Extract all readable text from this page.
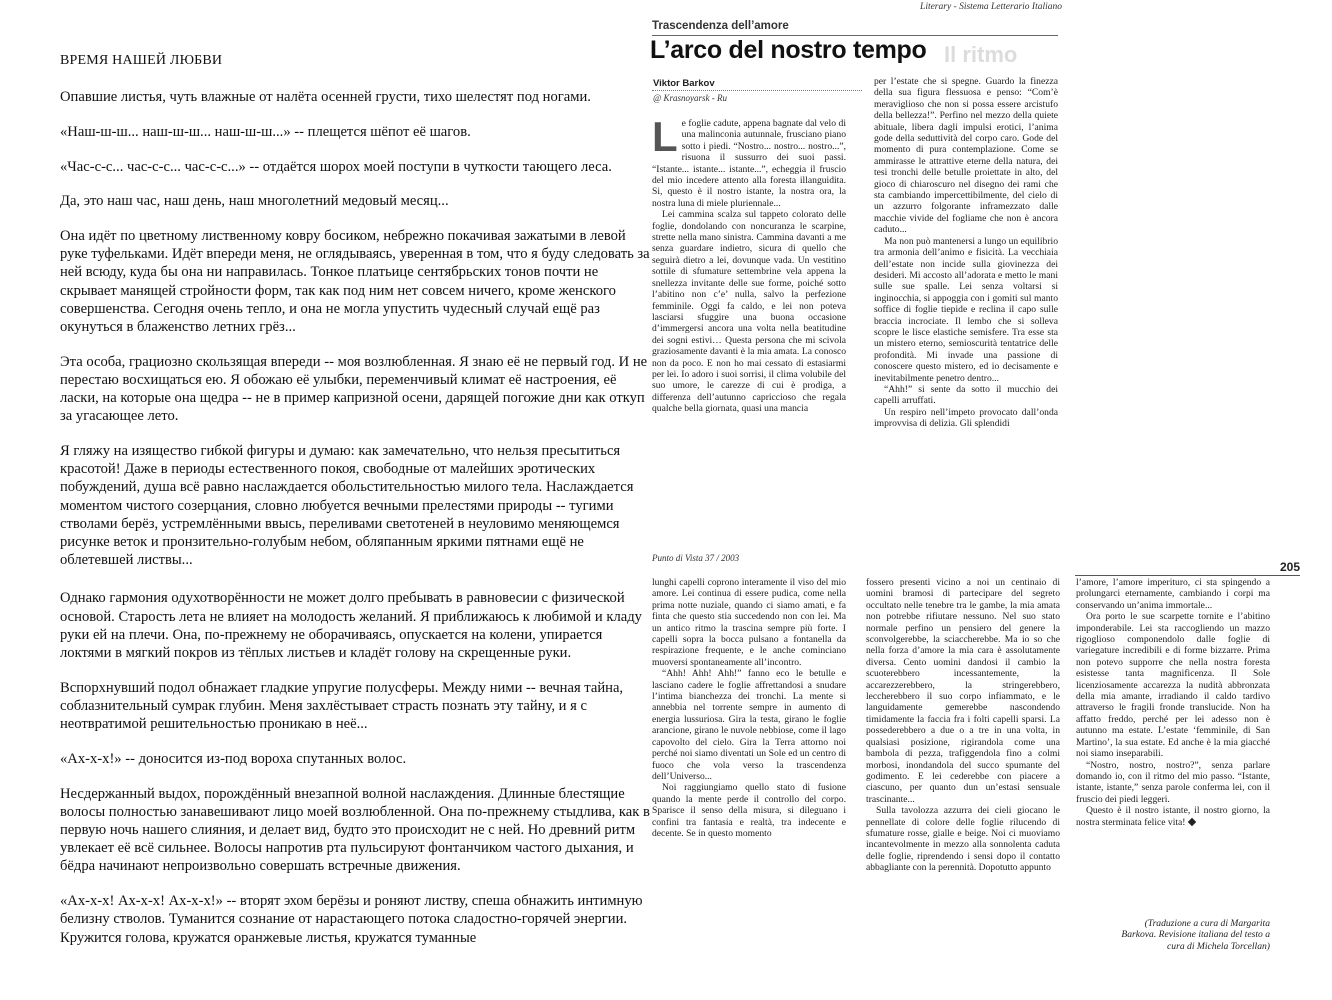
ВРЕМЯ НАШЕЙ ЛЮБВИ

Опавшие листья, чуть влажные от налёта осенней грусти, тихо шелестят под ногами.

«Наш-ш-ш... наш-ш-ш... наш-ш-ш...» -- плещется шёпот её шагов.

«Час-с-с... час-с-с... час-с-с...» -- отдаётся шорох моей поступи в чуткости тающего леса.

Да, это наш час, наш день, наш многолетний медовый месяц...

Она идёт по цветному лиственному ковру босиком, небрежно покачивая зажатыми в левой руке туфельками. Идёт впереди меня, не оглядываясь, уверенная в том, что я буду следовать за ней всюду, куда бы она ни направилась. Тонкое платьице сентябрьских тонов почти не скрывает манящей стройности форм, так как под ним нет совсем ничего, кроме женского совершенства. Сегодня очень тепло, и она не могла упустить чудесный случай ещё раз окунуться в блаженство летних грёз...

Эта особа, грациозно скользящая впереди -- моя возлюбленная. Я знаю её не первый год. И не перестаю восхищаться ею. Я обожаю её улыбки, переменчивый климат её настроения, её ласки, на которые она щедра -- не в пример капризной осени, дарящей погожие дни как откуп за угасающее лето.

Я гляжу на изящество гибкой фигуры и думаю: как замечательно, что нельзя пресытиться красотой! Даже в периоды естественного покоя, свободные от малейших эротических побуждений, душа всё равно наслаждается обольстительностью милого тела. Наслаждается моментом чистого созерцания, словно любуется вечными прелестями природы -- тугими стволами берёз, устремлёнными ввысь, переливами светотеней в неуловимо меняющемся рисунке веток и пронзительно-голубым небом, обляпанным яркими пятнами ещё не облетевшей листвы...

Однако гармония одухотворённости не может долго пребывать в равновесии с физической основой. Старость лета не влияет на молодость желаний. Я приближаюсь к любимой и кладу руки ей на плечи. Она, по-прежнему не оборачиваясь, опускается на колени, упирается локтями в мягкий покров из тёплых листьев и кладёт голову на скрещенные руки.

Вспорхнувший подол обнажает гладкие упругие полусферы. Между ними -- вечная тайна, соблазнительный сумрак глубин. Меня захлёстывает страсть познать эту тайну, и я с неотвратимой решительностью проникаю в неё...

«Ах-х-х!» -- доносится из-под вороха спутанных волос.

Несдержанный выдох, порождённый внезапной волной наслаждения. Длинные блестящие волосы полностью занавешивают лицо моей возлюбленной. Она по-прежнему стыдлива, как в первую ночь нашего слияния, и делает вид, будто это происходит не с ней. Но древний ритм увлекает её всё сильнее. Волосы напротив рта пульсируют фонтанчиком частого дыхания, и бёдра начинают непроизвольно совершать встречные движения.

«Ах-х-х! Ах-х-х! Ах-х-х!» -- вторят эхом берёзы и роняют листву, спеша обнажить интимную белизну стволов. Туманится сознание от нарастающего потока сладостно-горячей энергии. Кружится голова, кружатся оранжевые листья, кружатся туманные

Literary - Sistema Letterario Italiano
Trascendenza dell’amore
L’arco del nostro tempo Il ritmo
Viktor Barkov
@ Krasnoyarsk - Ru

Le foglie cadute, appena bagnate dal velo di una malinconia autunnale, frusciano piano sotto i piedi. “Nostro... nostro... nostro...”, risuona il sussurro dei suoi passi. “Istante... istante... istante...”, echeggia il fruscio del mio incedere attento alla foresta illanguidita. Si, questo è il nostro istante, la nostra ora, la nostra luna di miele pluriennale...

Lei cammina scalza sul tappeto colorato delle foglie, dondolando con noncuranza le scarpine, strette nella mano sinistra. Cammina davanti a me senza guardare indietro, sicura di quello che seguirà dietro a lei, dovunque vada. Un vestitino sottile di sfumature settembrine vela appena la snellezza invitante delle sue forme, poiché sotto l’abitino non c’e’ nulla, salvo la perfezione femminile. Oggi fa caldo, e lei non poteva lasciarsi sfuggire una buona occasione d’immergersi ancora una volta nella beatitudine dei sogni estivi… Questa persona che mi scivola graziosamente davanti è la mia amata. La conosco non da poco. E non ho mai cessato di estasiarmi per lei. Io adoro i suoi sorrisi, il clima volubile del suo umore, le carezze di cui è prodiga, a differenza dell’autunno capriccioso che regala qualche bella giornata, quasi una mancia

per l’estate che si spegne. Guardo la finezza della sua figura flessuosa e penso: “Com’è meraviglioso che non si possa essere arcistufo della bellezza!”. Perfino nel mezzo della quiete abituale, libera dagli impulsi erotici, l’anima gode della seduttività del corpo caro. Gode del momento di pura contemplazione. Come se ammirasse le attrattive eterne della natura, dei tesi tronchi delle betulle proiettate in alto, del gioco di chiaroscuro nel disegno dei rami che sta cambiando impercettibilmente, del cielo di un azzurro folgorante inframezzato dalle macchie vivide del fogliame che non è ancora caduto...

Ma non può mantenersi a lungo un equilibrio tra armonia dell’animo e fisicità. La vecchiaia dell’estate non incide sulla giovinezza dei desideri. Mi accosto all’adorata e metto le mani sulle sue spalle. Lei senza voltarsi si inginocchia, si appoggia con i gomiti sul manto soffice di foglie tiepide e reclina il capo sulle braccia incrociate. Il lembo che si solleva scopre le lisce elastiche semisfere. Tra esse sta un mistero eterno, semioscurità tentatrice delle profondità. Mi invade una passione di conoscere questo mistero, ed io decisamente e inevitabilmente penetro dentro...

“Ahh!” si sente da sotto il mucchio dei capelli arruffati.

Un respiro nell’impeto provocato dall’onda improvvisa di delizia. Gli splendidi

Punto di Vista 37 / 2003
205

lunghi capelli coprono interamente il viso del mio amore. Lei continua di essere pudica, come nella prima notte nuziale, quando ci siamo amati, e fa finta che questo stia succedendo non con lei. Ma un antico ritmo la trascina sempre più forte. I capelli sopra la bocca pulsano a fontanella da respirazione frequente, e le anche cominciano muoversi spontaneamente all’incontro.

“Ahh! Ahh! Ahh!” fanno eco le betulle e lasciano cadere le foglie affrettandosi a snudare l’intima bianchezza dei tronchi. La mente si annebbia nel torrente sempre in aumento di energia lussuriosa. Gira la testa, girano le foglie arancione, girano le nuvole nebbiose, come il lago capovolto del cielo. Gira la Terra attorno noi perché noi siamo diventati un Sole ed un centro di fuoco che vola verso la trascendenza dell’Universo...

Noi raggiungiamo quello stato di fusione quando la mente perde il controllo del corpo. Sparisce il senso della misura, si dileguano i confini tra fantasia e realtà, tra indecente e decente. Se in questo momento

fossero presenti vicino a noi un centinaio di uomini bramosi di partecipare del segreto occultato nelle tenebre tra le gambe, la mia amata non potrebbe rifiutare nessuno. Nel suo stato normale perfino un pensiero del genere la sconvolgerebbe, la sciaccherebbe. Ma io so che nella forza d’amore la mia cara è assolutamente diversa. Cento uomini dandosi il cambio la scuoterebbero incessantemente, la accarezzerebbero, la stringerebbero, leccherebbero il suo corpo infiammato, e le languidamente gemerebbe nascondendo timidamente la faccia fra i folti capelli sparsi. La possederebbero a due o a tre in una volta, in qualsiasi posizione, rigirandola come una bambola di pezza, trafiggendola fino a colmi morbosi, inondandola del succo spumante del godimento. E lei cederebbe con piacere a ciascuno, per quanto dun un’estasi sensuale trascinante...

Sulla tavolozza azzurra dei cieli giocano le pennellate di colore delle foglie rilucendo di sfumature rosse, gialle e beige. Noi ci muoviamo incantevolmente in mezzo alla sonnolenta caduta delle foglie, riprendendo i sensi dopo il contatto abbagliante con la perennità. Dopotutto appunto

l’amore, l’amore imperituro, ci sta spingendo a prolungarci eternamente, cambiando i corpi ma conservando un’anima immortale...

Ora porto le sue scarpette tornite e l’abitino imponderabile. Lei sta raccogliendo un mazzo rigoglioso componendolo dalle foglie di variegature incredibili e di forme bizzarre. Prima non potevo supporre che nella nostra foresta esistesse tanta magnificenza. Il Sole licenziosamente accarezza la nudità abbronzata della mia amante, irradiando il caldo tardivo attraverso le fragili fronde translucide. Non ha affatto freddo, perché per lei adesso non è autunno ma estate. L’estate ‘femminile, di San Martino’, la sua estate. Ed anche è la mia giacché noi siamo inseparabili.

“Nostro, nostro, nostro?”, senza parlare domando io, con il ritmo del mio passo. “Istante, istante, istante,” senza parole conferma lei, con il fruscio dei piedi leggeri.

Questo è il nostro istante, il nostro giorno, la nostra sterminata felice vita!

(Traduzione a cura di Margarita Barkova. Revisione italiana del testo a cura di Michela Torcellan)
